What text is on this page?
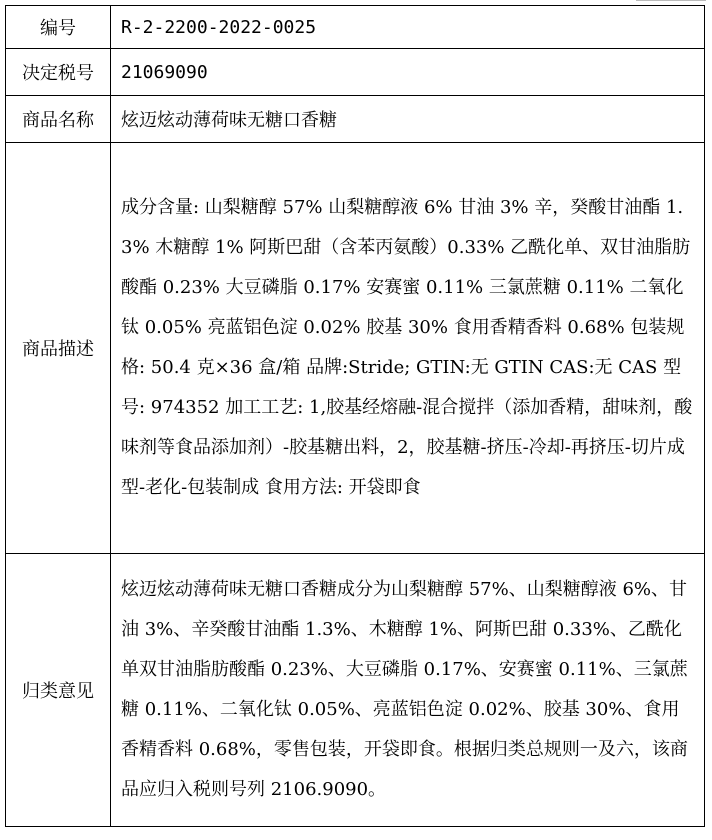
编号	R-2-2200-2022-0025
决定税号	21069090
商品名称	炫迈炫动薄荷味无糖口香糖
商品描述	成分含量: 山梨糖醇 57% 山梨糖醇液 6% 甘油 3% 辛，癸酸甘油酯 1.3% 木糖醇 1% 阿斯巴甜（含苯丙氨酸）0.33% 乙酰化单、双甘油脂肪酸酯 0.23% 大豆磷脂 0.17% 安赛蜜 0.11% 三氯蔗糖 0.11% 二氧化钛 0.05% 亮蓝铝色淀 0.02% 胶基 30% 食用香精香料 0.68% 包装规格: 50.4 克×36 盒/箱 品牌:Stride; GTIN:无 GTIN CAS:无 CAS 型号: 974352 加工工艺: 1,胶基经熔融-混合搅拌（添加香精，甜味剂，酸味剂等食品添加剂）-胶基糖出料，2，胶基糖-挤压-冷却-再挤压-切片成型-老化-包装制成 食用方法: 开袋即食
归类意见	炫迈炫动薄荷味无糖口香糖成分为山梨糖醇 57%、山梨糖醇液 6%、甘油 3%、辛癸酸甘油酯 1.3%、木糖醇 1%、阿斯巴甜 0.33%、乙酰化单双甘油脂肪酸酯 0.23%、大豆磷脂 0.17%、安赛蜜 0.11%、三氯蔗糖 0.11%、二氧化钛 0.05%、亮蓝铝色淀 0.02%、胶基 30%、食用香精香料 0.68%，零售包装，开袋即食。根据归类总规则一及六，该商品应归入税则号列 2106.9090。
